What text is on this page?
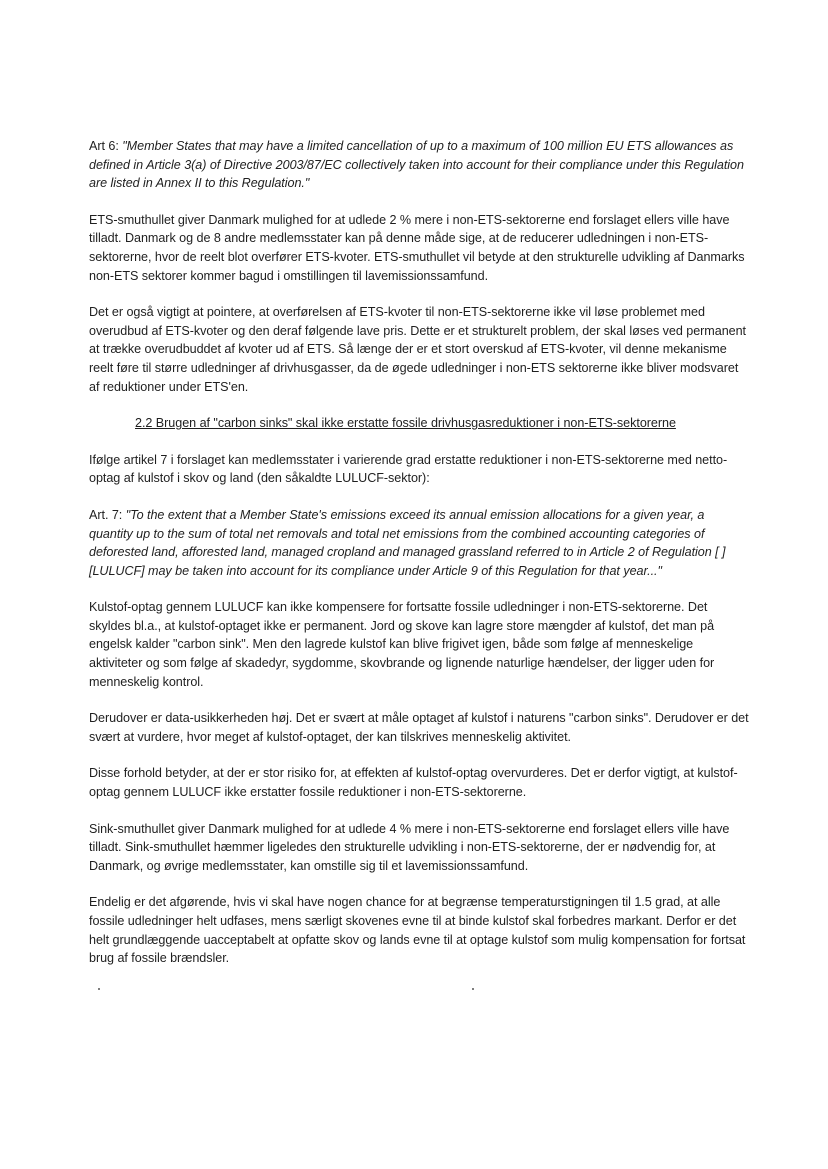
Art 6: "Member States that may have a limited cancellation of up to a maximum of 100 million EU ETS allowances as defined in Article 3(a) of Directive 2003/87/EC collectively taken into account for their compliance under this Regulation are listed in Annex II to this Regulation."

ETS-smuthullet giver Danmark mulighed for at udlede 2 % mere i non-ETS-sektorerne end forslaget ellers ville have tilladt. Danmark og de 8 andre medlemsstater kan på denne måde sige, at de reducerer udledningen i non-ETS-sektorerne, hvor de reelt blot overfører ETS-kvoter. ETS-smuthullet vil betyde at den strukturelle udvikling af Danmarks non-ETS sektorer kommer bagud i omstillingen til lavemissionssamfund.

Det er også vigtigt at pointere, at overførelsen af ETS-kvoter til non-ETS-sektorerne ikke vil løse problemet med overudbud af ETS-kvoter og den deraf følgende lave pris. Dette er et strukturelt problem, der skal løses ved permanent at trække overudbuddet af kvoter ud af ETS. Så længe der er et stort overskud af ETS-kvoter, vil denne mekanisme reelt føre til større udledninger af drivhusgasser, da de øgede udledninger i non-ETS sektorerne ikke bliver modsvaret af reduktioner under ETS'en.

2.2 Brugen af "carbon sinks" skal ikke erstatte fossile drivhusgasreduktioner i non-ETS-sektorerne

Ifølge artikel 7 i forslaget kan medlemsstater i varierende grad erstatte reduktioner i non-ETS-sektorerne med netto-optag af kulstof i skov og land (den såkaldte LULUCF-sektor):

Art. 7: "To the extent that a Member State's emissions exceed its annual emission allocations for a given year, a quantity up to the sum of total net removals and total net emissions from the combined accounting categories of deforested land, afforested land, managed cropland and managed grassland referred to in Article 2 of Regulation [ ] [LULUCF] may be taken into account for its compliance under Article 9 of this Regulation for that year..."

Kulstof-optag gennem LULUCF kan ikke kompensere for fortsatte fossile udledninger i non-ETS-sektorerne. Det skyldes bl.a., at kulstof-optaget ikke er permanent. Jord og skove kan lagre store mængder af kulstof, det man på engelsk kalder "carbon sink". Men den lagrede kulstof kan blive frigivet igen, både som følge af menneskelige aktiviteter og som følge af skadedyr, sygdomme, skovbrande og lignende naturlige hændelser, der ligger uden for menneskelig kontrol.

Derudover er data-usikkerheden høj. Det er svært at måle optaget af kulstof i naturens "carbon sinks". Derudover er det svært at vurdere, hvor meget af kulstof-optaget, der kan tilskrives menneskelig aktivitet.

Disse forhold betyder, at der er stor risiko for, at effekten af kulstof-optag overvurderes. Det er derfor vigtigt, at kulstof-optag gennem LULUCF ikke erstatter fossile reduktioner i non-ETS-sektorerne.

Sink-smuthullet giver Danmark mulighed for at udlede 4 % mere i non-ETS-sektorerne end forslaget ellers ville have tilladt. Sink-smuthullet hæmmer ligeledes den strukturelle udvikling i non-ETS-sektorerne, der er nødvendig for, at Danmark, og øvrige medlemsstater, kan omstille sig til et lavemissionssamfund.

Endelig er det afgørende, hvis vi skal have nogen chance for at begrænse temperaturstigningen til 1.5 grad, at alle fossile udledninger helt udfases, mens særligt skovenes evne til at binde kulstof skal forbedres markant. Derfor er det helt grundlæggende uacceptabelt at opfatte skov og lands evne til at optage kulstof som mulig kompensation for fortsat brug af fossile brændsler.
